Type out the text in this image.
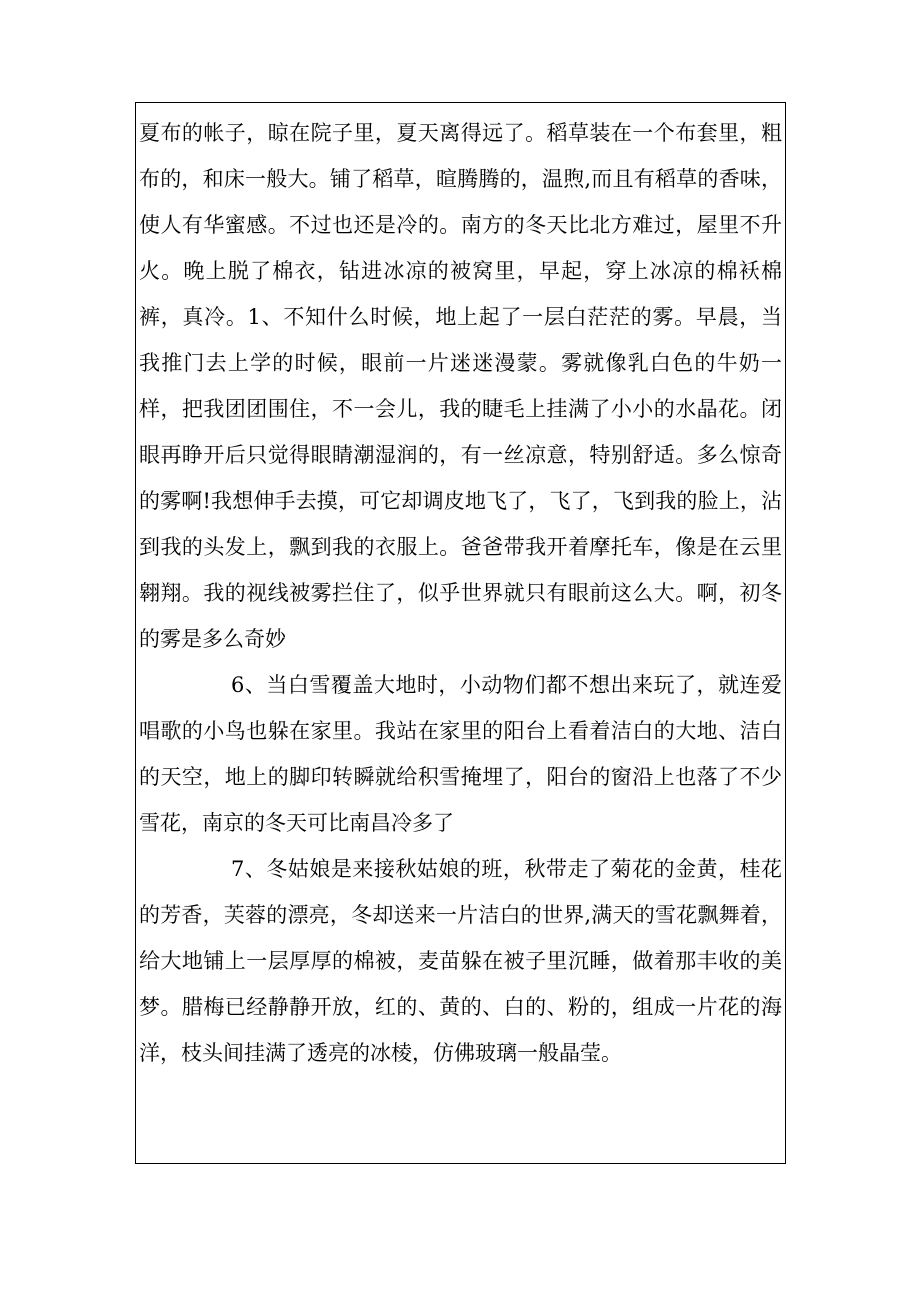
夏布的帐子，晾在院子里，夏天离得远了。稻草装在一个布套里，粗布的，和床一般大。铺了稻草，暄腾腾的，温煦,而且有稻草的香味，使人有华蜜感。不过也还是冷的。南方的冬天比北方难过，屋里不升火。晚上脱了棉衣，钻进冰凉的被窝里，早起，穿上冰凉的棉袄棉裤，真冷。1、不知什么时候，地上起了一层白茫茫的雾。早晨，当我推门去上学的时候，眼前一片迷迷漫蒙。雾就像乳白色的牛奶一样，把我团团围住，不一会儿，我的睫毛上挂满了小小的水晶花。闭眼再睁开后只觉得眼睛潮湿润的，有一丝凉意，特别舒适。多么惊奇的雾啊!我想伸手去摸，可它却调皮地飞了，飞了，飞到我的脸上，沾到我的头发上，飘到我的衣服上。爸爸带我开着摩托车，像是在云里翱翔。我的视线被雾拦住了，似乎世界就只有眼前这么大。啊，初冬的雾是多么奇妙

6、当白雪覆盖大地时，小动物们都不想出来玩了，就连爱唱歌的小鸟也躲在家里。我站在家里的阳台上看着洁白的大地、洁白的天空，地上的脚印转瞬就给积雪掩埋了，阳台的窗沿上也落了不少雪花，南京的冬天可比南昌冷多了

7、冬姑娘是来接秋姑娘的班，秋带走了菊花的金黄，桂花的芳香，芙蓉的漂亮，冬却送来一片洁白的世界,满天的雪花飘舞着，给大地铺上一层厚厚的棉被，麦苗躲在被子里沉睡，做着那丰收的美梦。腊梅已经静静开放，红的、黄的、白的、粉的，组成一片花的海洋，枝头间挂满了透亮的冰棱，仿佛玻璃一般晶莹。
